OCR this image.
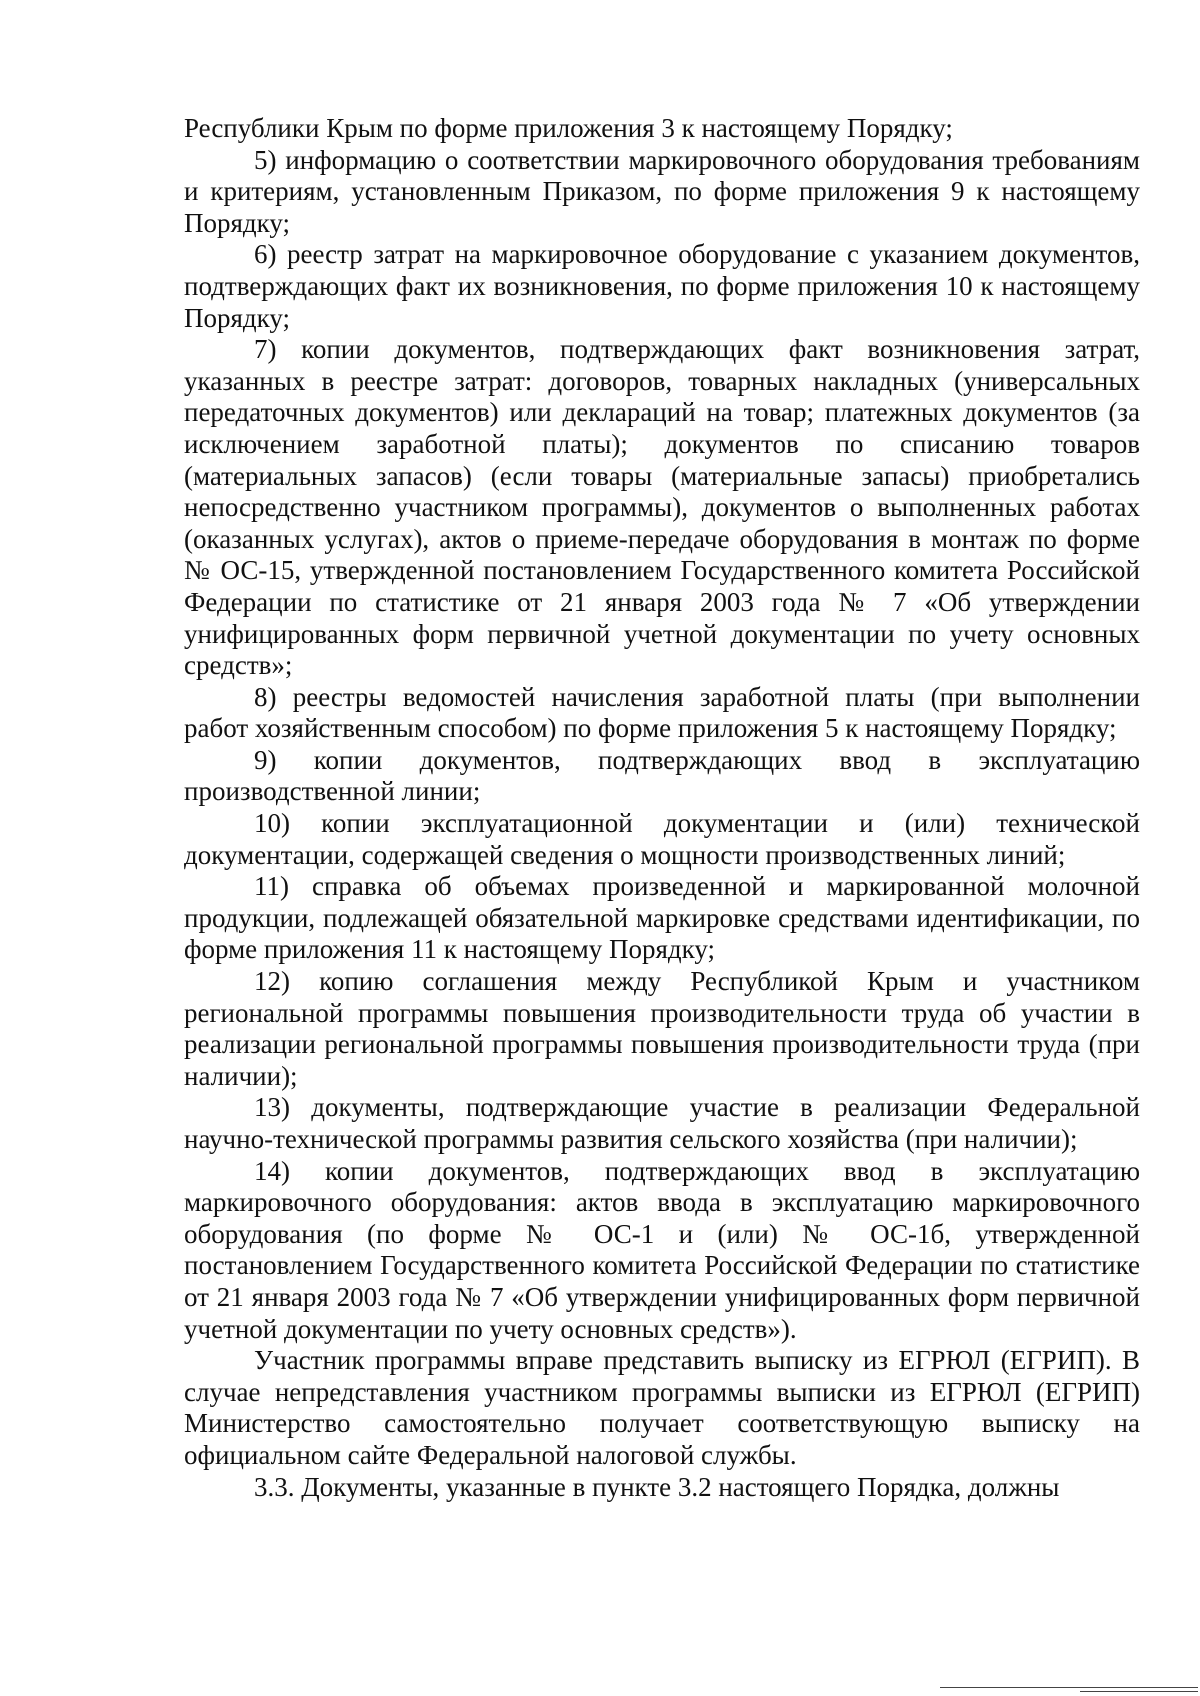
Республики Крым по форме приложения 3 к настоящему Порядку;

5) информацию о соответствии маркировочного оборудования требованиям и критериям, установленным Приказом, по форме приложения 9 к настоящему Порядку;

6) реестр затрат на маркировочное оборудование с указанием документов, подтверждающих факт их возникновения, по форме приложения 10 к настоящему Порядку;

7) копии документов, подтверждающих факт возникновения затрат, указанных в реестре затрат: договоров, товарных накладных (универсальных передаточных документов) или деклараций на товар; платежных документов (за исключением заработной платы); документов по списанию товаров (материальных запасов) (если товары (материальные запасы) приобретались непосредственно участником программы), документов о выполненных работах (оказанных услугах), актов о приеме-передаче оборудования в монтаж по форме № ОС-15, утвержденной постановлением Государственного комитета Российской Федерации по статистике от 21 января 2003 года № 7 «Об утверждении унифицированных форм первичной учетной документации по учету основных средств»;

8) реестры ведомостей начисления заработной платы (при выполнении работ хозяйственным способом) по форме приложения 5 к настоящему Порядку;

9) копии документов, подтверждающих ввод в эксплуатацию производственной линии;

10) копии эксплуатационной документации и (или) технической документации, содержащей сведения о мощности производственных линий;

11) справка об объемах произведенной и маркированной молочной продукции, подлежащей обязательной маркировке средствами идентификации, по форме приложения 11 к настоящему Порядку;

12) копию соглашения между Республикой Крым и участником региональной программы повышения производительности труда об участии в реализации региональной программы повышения производительности труда (при наличии);

13) документы, подтверждающие участие в реализации Федеральной научно-технической программы развития сельского хозяйства (при наличии);

14) копии документов, подтверждающих ввод в эксплуатацию маркировочного оборудования: актов ввода в эксплуатацию маркировочного оборудования (по форме № ОС-1 и (или) № ОС-1б, утвержденной постановлением Государственного комитета Российской Федерации по статистике от 21 января 2003 года № 7 «Об утверждении унифицированных форм первичной учетной документации по учету основных средств»).

Участник программы вправе представить выписку из ЕГРЮЛ (ЕГРИП). В случае непредставления участником программы выписки из ЕГРЮЛ (ЕГРИП) Министерство самостоятельно получает соответствующую выписку на официальном сайте Федеральной налоговой службы.

3.3. Документы, указанные в пункте 3.2 настоящего Порядка, должны
